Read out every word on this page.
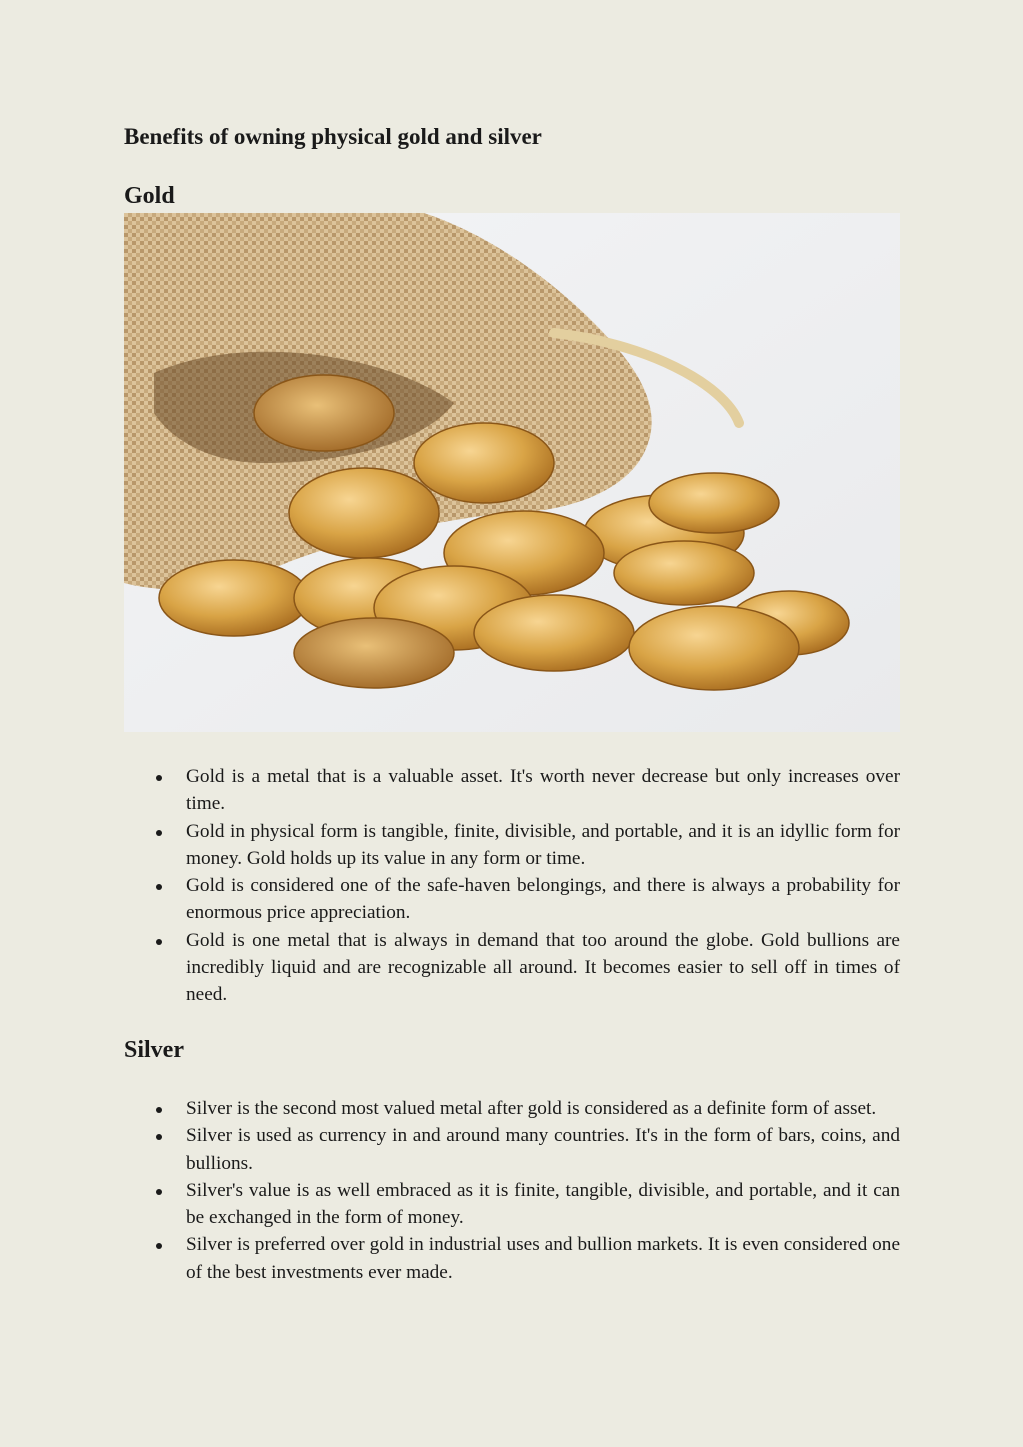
Benefits of owning physical gold and silver
Gold
Gold is a metal that is a valuable asset. It's worth never decrease but only increases over time.
Gold in physical form is tangible, finite, divisible, and portable, and it is an idyllic form for money. Gold holds up its value in any form or time.
Gold is considered one of the safe-haven belongings, and there is always a probability for enormous price appreciation.
Gold is one metal that is always in demand that too around the globe. Gold bullions are incredibly liquid and are recognizable all around. It becomes easier to sell off in times of need.
Silver
Silver is the second most valued metal after gold is considered as a definite form of asset.
Silver is used as currency in and around many countries. It's in the form of bars, coins, and bullions.
Silver's value is as well embraced as it is finite, tangible, divisible, and portable, and it can be exchanged in the form of money.
Silver is preferred over gold in industrial uses and bullion markets. It is even considered one of the best investments ever made.
